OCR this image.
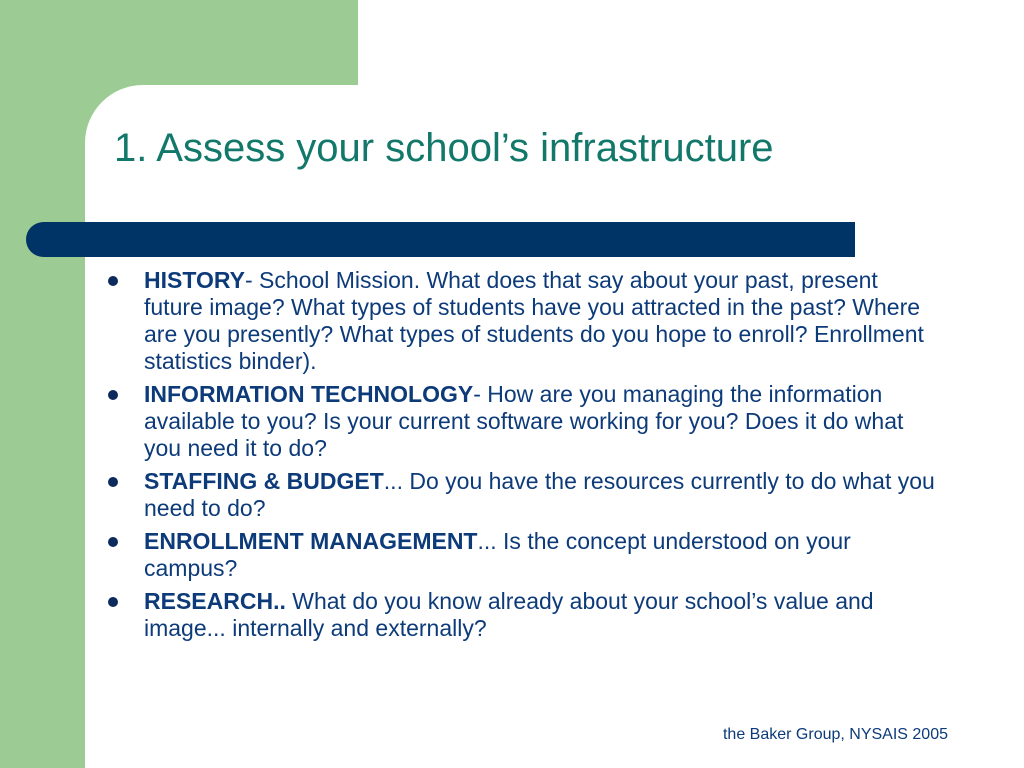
1. Assess your school’s infrastructure
HISTORY- School Mission. What does that say about your past, present future image? What types of students have you attracted in the past? Where are you presently? What types of students do you hope to enroll? Enrollment statistics binder).
INFORMATION TECHNOLOGY- How are you managing the information available to you? Is your current software working for you? Does it do what you need it to do?
STAFFING & BUDGET... Do you have the resources currently to do what you need to do?
ENROLLMENT MANAGEMENT... Is the concept understood on your campus?
RESEARCH.. What do you know already about your school’s value and image... internally and externally?
the Baker Group, NYSAIS 2005
